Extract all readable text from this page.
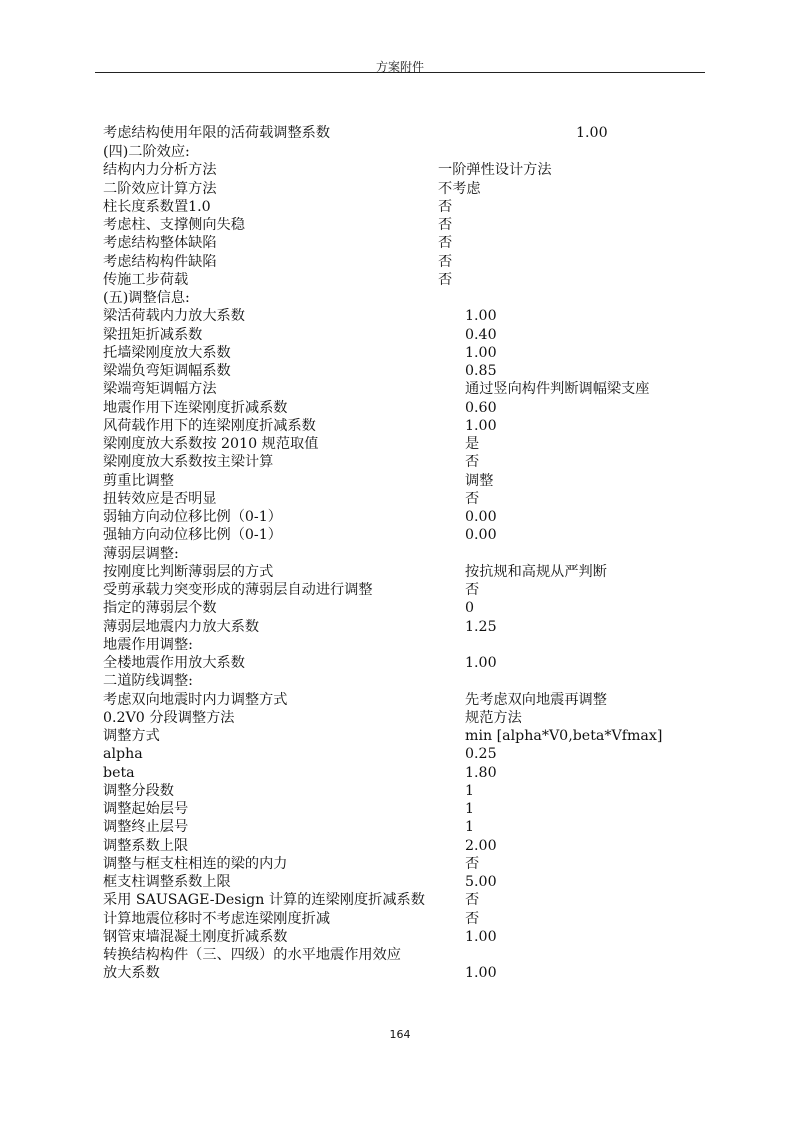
方案附件
考虑结构使用年限的活荷载调整系数	1.00
(四)二阶效应:
结构内力分析方法	一阶弹性设计方法
二阶效应计算方法	不考虑
柱长度系数置1.0	否
考虑柱、支撑侧向失稳	否
考虑结构整体缺陷	否
考虑结构构件缺陷	否
传施工步荷载	否
(五)调整信息:
梁活荷载内力放大系数	1.00
梁扭矩折减系数	0.40
托墙梁刚度放大系数	1.00
梁端负弯矩调幅系数	0.85
梁端弯矩调幅方法	通过竖向构件判断调幅梁支座
地震作用下连梁刚度折减系数	0.60
风荷载作用下的连梁刚度折减系数	1.00
梁刚度放大系数按 2010 规范取值	是
梁刚度放大系数按主梁计算	否
剪重比调整	调整
扭转效应是否明显	否
弱轴方向动位移比例（0-1）	0.00
强轴方向动位移比例（0-1）	0.00
薄弱层调整:
按刚度比判断薄弱层的方式	按抗规和高规从严判断
受剪承载力突变形成的薄弱层自动进行调整	否
指定的薄弱层个数	0
薄弱层地震内力放大系数	1.25
地震作用调整:
全楼地震作用放大系数	1.00
二道防线调整:
考虑双向地震时内力调整方式	先考虑双向地震再调整
0.2V0 分段调整方法	规范方法
调整方式	min [alpha*V0,beta*Vfmax]
alpha	0.25
beta	1.80
调整分段数	1
调整起始层号	1
调整终止层号	1
调整系数上限	2.00
调整与框支柱相连的梁的内力	否
框支柱调整系数上限	5.00
采用 SAUSAGE-Design 计算的连梁刚度折减系数	否
计算地震位移时不考虑连梁刚度折减	否
钢管束墙混凝土刚度折减系数	1.00
转换结构构件（三、四级）的水平地震作用效应
放大系数	1.00
164
